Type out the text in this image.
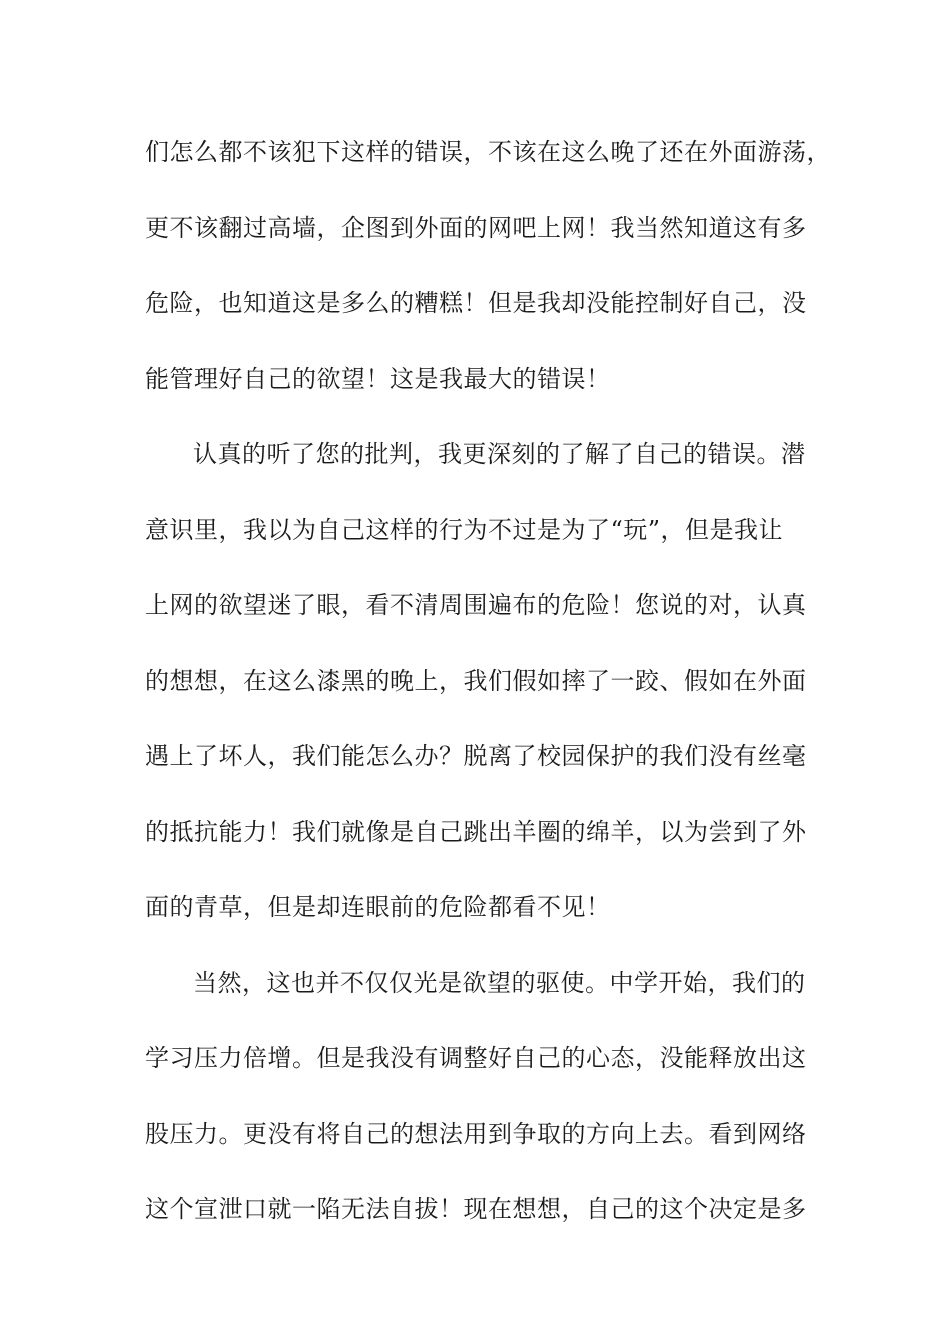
们怎么都不该犯下这样的错误，不该在这么晚了还在外面游荡，
更不该翻过高墙，企图到外面的网吧上网！我当然知道这有多
危险，也知道这是多么的糟糕！但是我却没能控制好自己，没
能管理好自己的欲望！这是我最大的错误！
认真的听了您的批判，我更深刻的了解了自己的错误。潜
意识里，我以为自己这样的行为不过是为了“玩”，但是我让
上网的欲望迷了眼，看不清周围遍布的危险！您说的对，认真
的想想，在这么漆黑的晚上，我们假如摔了一跤、假如在外面
遇上了坏人，我们能怎么办？脱离了校园保护的我们没有丝毫
的抵抗能力！我们就像是自己跳出羊圈的绵羊，以为尝到了外
面的青草，但是却连眼前的危险都看不见！
当然，这也并不仅仅光是欲望的驱使。中学开始，我们的
学习压力倍增。但是我没有调整好自己的心态，没能释放出这
股压力。更没有将自己的想法用到争取的方向上去。看到网络
这个宣泄口就一陷无法自拔！现在想想，自己的这个决定是多
